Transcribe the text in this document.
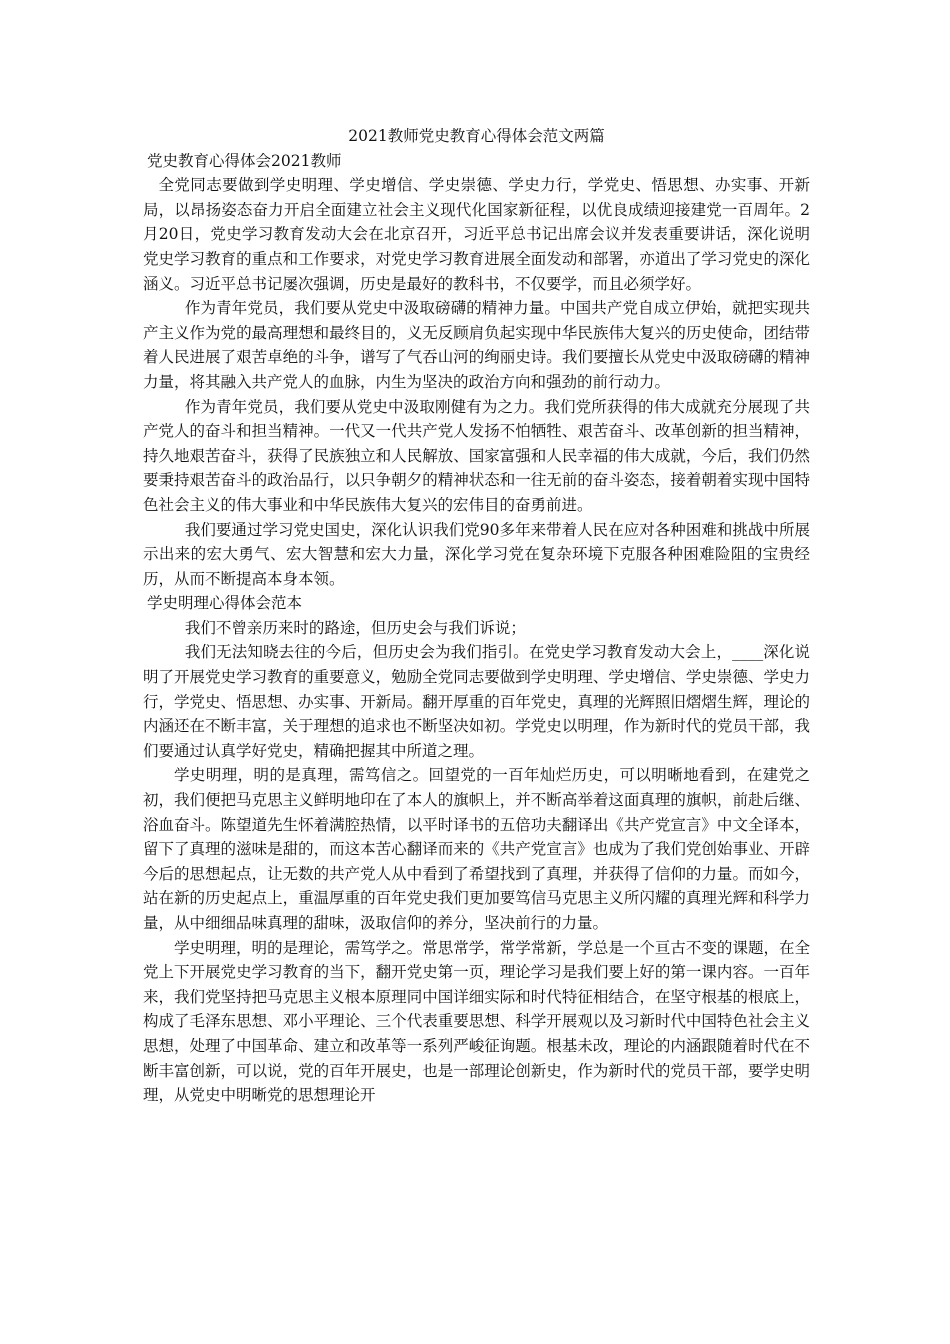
2021教师党史教育心得体会范文两篇
党史教育心得体会2021教师

全党同志要做到学史明理、学史增信、学史崇德、学史力行，学党史、悟思想、办实事、开新局，以昂扬姿态奋力开启全面建立社会主义现代化国家新征程，以优良成绩迎接建党一百周年。2月20日，党史学习教育发动大会在北京召开，习近平总书记出席会议并发表重要讲话，深化说明党史学习教育的重点和工作要求，对党史学习教育进展全面发动和部署，亦道出了学习党史的深化涵义。习近平总书记屡次强调，历史是最好的教科书，不仅要学，而且必须学好。

作为青年党员，我们要从党史中汲取磅礴的精神力量。中国共产党自成立伊始，就把实现共产主义作为党的最高理想和最终目的，义无反顾肩负起实现中华民族伟大复兴的历史使命，团结带着人民进展了艰苦卓绝的斗争，谱写了气吞山河的绚丽史诗。我们要擅长从党史中汲取磅礴的精神力量，将其融入共产党人的血脉，内生为坚决的政治方向和强劲的前行动力。

作为青年党员，我们要从党史中汲取刚健有为之力。我们党所获得的伟大成就充分展现了共产党人的奋斗和担当精神。一代又一代共产党人发扬不怕牺牲、艰苦奋斗、改革创新的担当精神，持久地艰苦奋斗，获得了民族独立和人民解放、国家富强和人民幸福的伟大成就，今后，我们仍然要秉持艰苦奋斗的政治品行，以只争朝夕的精神状态和一往无前的奋斗姿态，接着朝着实现中国特色社会主义的伟大事业和中华民族伟大复兴的宏伟目的奋勇前进。

我们要通过学习党史国史，深化认识我们党90多年来带着人民在应对各种困难和挑战中所展示出来的宏大勇气、宏大智慧和宏大力量，深化学习党在复杂环境下克服各种困难险阻的宝贵经历，从而不断提高本身本领。

学史明理心得体会范本

我们不曾亲历来时的路途，但历史会与我们诉说；

我们无法知晓去往的今后，但历史会为我们指引。在党史学习教育发动大会上，____深化说明了开展党史学习教育的重要意义，勉励全党同志要做到学史明理、学史增信、学史崇德、学史力行，学党史、悟思想、办实事、开新局。翻开厚重的百年党史，真理的光辉照旧熠熠生辉，理论的内涵还在不断丰富，关于理想的追求也不断坚决如初。学党史以明理，作为新时代的党员干部，我们要通过认真学好党史，精确把握其中所道之理。

学史明理，明的是真理，需笃信之。回望党的一百年灿烂历史，可以明晰地看到，在建党之初，我们便把马克思主义鲜明地印在了本人的旗帜上，并不断高举着这面真理的旗帜，前赴后继、浴血奋斗。陈望道先生怀着满腔热情，以平时译书的五倍功夫翻译出《共产党宣言》中文全译本，留下了真理的滋味是甜的，而这本苦心翻译而来的《共产党宣言》也成为了我们党创始事业、开辟今后的思想起点，让无数的共产党人从中看到了希望找到了真理，并获得了信仰的力量。而如今，站在新的历史起点上，重温厚重的百年党史我们更加要笃信马克思主义所闪耀的真理光辉和科学力量，从中细细品味真理的甜味，汲取信仰的养分，坚决前行的力量。

学史明理，明的是理论，需笃学之。常思常学，常学常新，学总是一个亘古不变的课题，在全党上下开展党史学习教育的当下，翻开党史第一页，理论学习是我们要上好的第一课内容。一百年来，我们党坚持把马克思主义根本原理同中国详细实际和时代特征相结合，在坚守根基的根底上，构成了毛泽东思想、邓小平理论、三个代表重要思想、科学开展观以及习新时代中国特色社会主义思想，处理了中国革命、建立和改革等一系列严峻征询题。根基未改，理论的内涵跟随着时代在不断丰富创新，可以说，党的百年开展史，也是一部理论创新史，作为新时代的党员干部，要学史明理，从党史中明晰党的思想理论开
